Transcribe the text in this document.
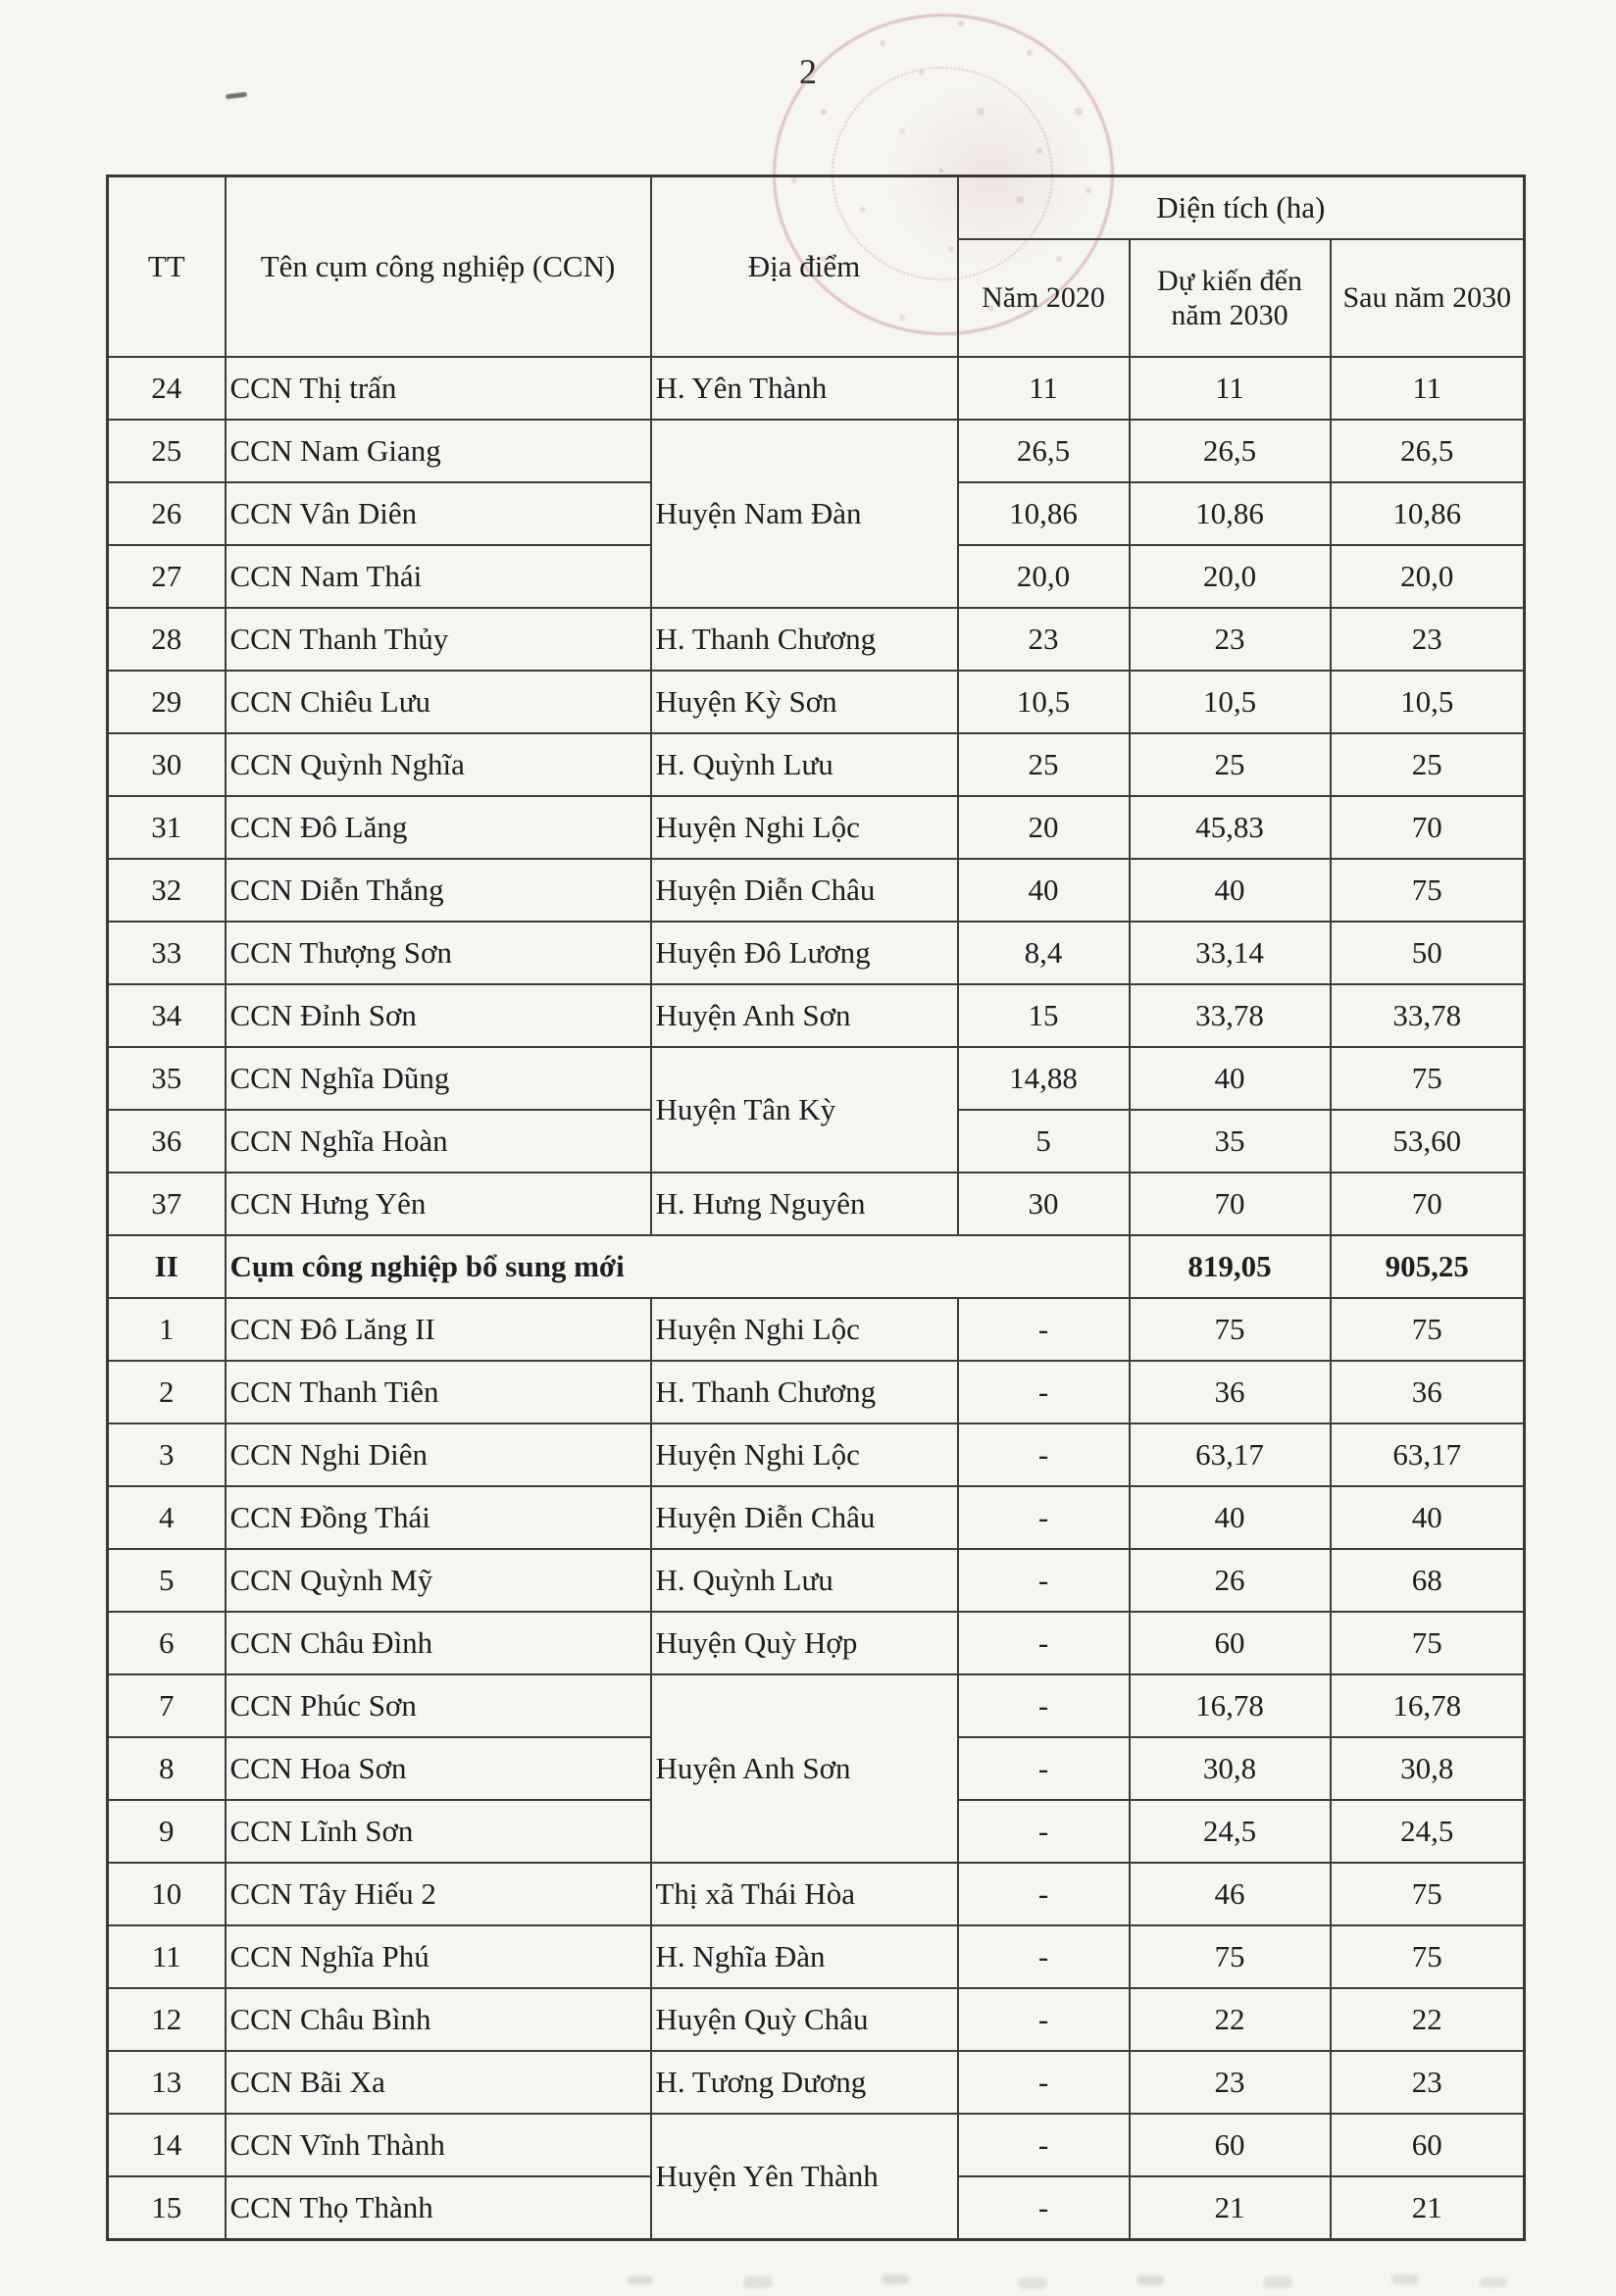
2
TT	Tên cụm công nghiệp (CCN)	Địa điểm	Diện tích (ha)		
			Năm 2020	Dự kiến đến năm 2030	Sau năm 2030
24	CCN Thị trấn	H. Yên Thành	11	11	11
25	CCN Nam Giang	Huyện Nam Đàn	26,5	26,5	26,5
26	CCN Vân Diên		10,86	10,86	10,86
27	CCN Nam Thái		20,0	20,0	20,0
28	CCN Thanh Thủy	H. Thanh Chương	23	23	23
29	CCN Chiêu Lưu	Huyện Kỳ Sơn	10,5	10,5	10,5
30	CCN Quỳnh Nghĩa	H. Quỳnh Lưu	25	25	25
31	CCN Đô Lăng	Huyện Nghi Lộc	20	45,83	70
32	CCN Diễn Thắng	Huyện Diễn Châu	40	40	75
33	CCN Thượng Sơn	Huyện Đô Lương	8,4	33,14	50
34	CCN Đỉnh Sơn	Huyện Anh Sơn	15	33,78	33,78
35	CCN Nghĩa Dũng	Huyện Tân Kỳ	14,88	40	75
36	CCN Nghĩa Hoàn		5	35	53,60
37	CCN Hưng Yên	H. Hưng Nguyên	30	70	70
II	Cụm công nghiệp bổ sung mới			819,05	905,25
1	CCN Đô Lăng II	Huyện Nghi Lộc	-	75	75
2	CCN Thanh Tiên	H. Thanh Chương	-	36	36
3	CCN Nghi Diên	Huyện Nghi Lộc	-	63,17	63,17
4	CCN Đồng Thái	Huyện Diễn Châu	-	40	40
5	CCN Quỳnh Mỹ	H. Quỳnh Lưu	-	26	68
6	CCN Châu Đình	Huyện Quỳ Hợp	-	60	75
7	CCN Phúc Sơn	Huyện Anh Sơn	-	16,78	16,78
8	CCN Hoa Sơn		-	30,8	30,8
9	CCN Lĩnh Sơn		-	24,5	24,5
10	CCN Tây Hiếu 2	Thị xã Thái Hòa	-	46	75
11	CCN Nghĩa Phú	H. Nghĩa Đàn	-	75	75
12	CCN Châu Bình	Huyện Quỳ Châu	-	22	22
13	CCN Bãi Xa	H. Tương Dương	-	23	23
14	CCN Vĩnh Thành	Huyện Yên Thành	-	60	60
15	CCN Thọ Thành		-	21	21
